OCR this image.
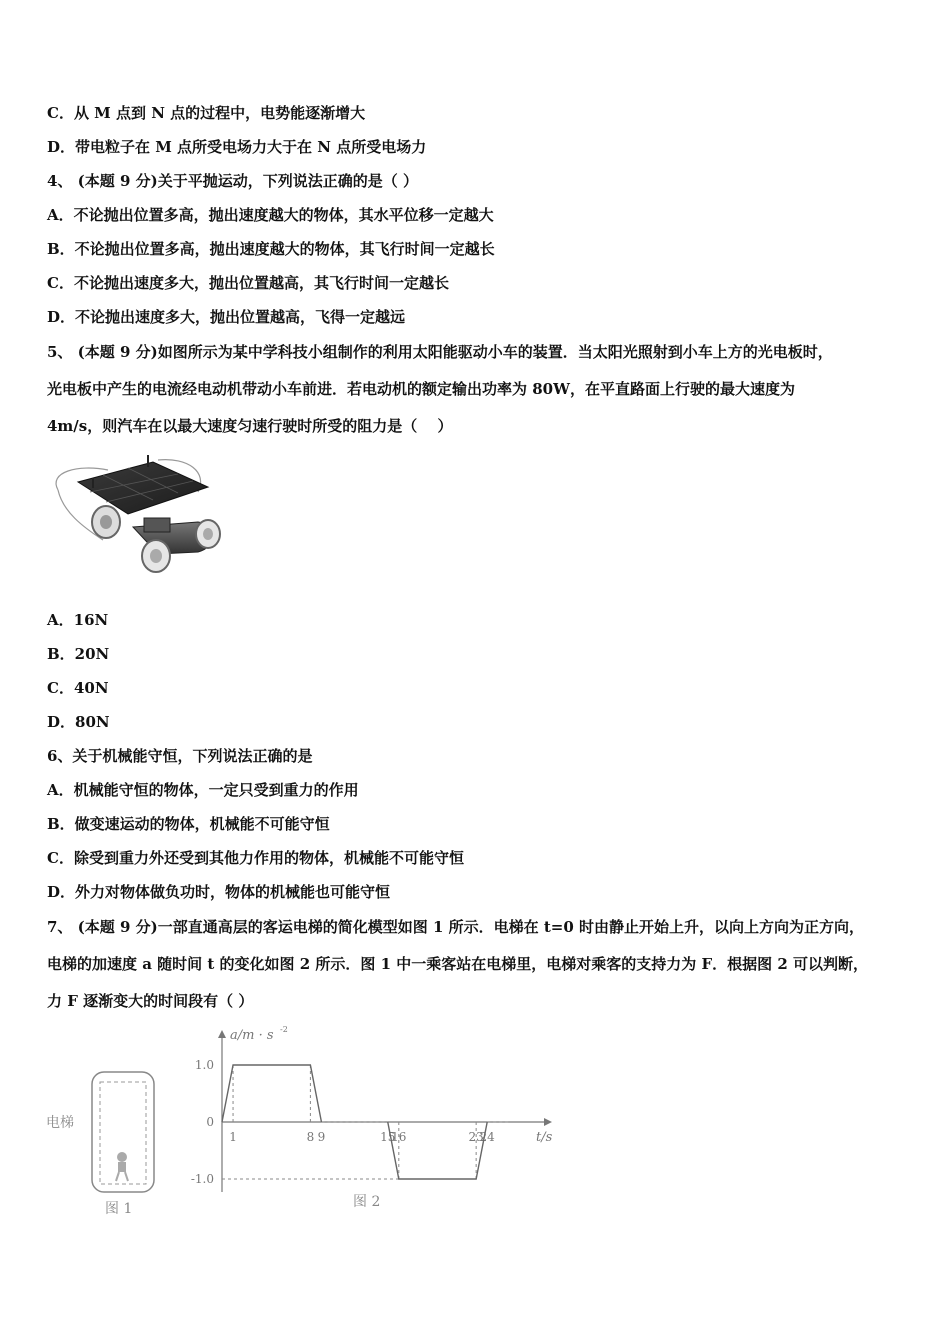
C．从 M 点到 N 点的过程中，电势能逐渐增大
D．带电粒子在 M 点所受电场力大于在 N 点所受电场力
4、 (本题 9 分)关于平抛运动，下列说法正确的是（ ）
A．不论抛出位置多高，抛出速度越大的物体，其水平位移一定越大
B．不论抛出位置多高，抛出速度越大的物体，其飞行时间一定越长
C．不论抛出速度多大，抛出位置越高，其飞行时间一定越长
D．不论抛出速度多大，抛出位置越高，飞得一定越远
5、 (本题 9 分)如图所示为某中学科技小组制作的利用太阳能驱动小车的装置．当太阳光照射到小车上方的光电板时，
光电板中产生的电流经电动机带动小车前进．若电动机的额定输出功率为 80W，在平直路面上行驶的最大速度为
4m/s，则汽车在以最大速度匀速行驶时所受的阻力是（　 ）
A．16N
B．20N
C．40N
D．80N
6、关于机械能守恒，下列说法正确的是
A．机械能守恒的物体，一定只受到重力的作用
B．做变速运动的物体，机械能不可能守恒
C．除受到重力外还受到其他力作用的物体，机械能不可能守恒
D．外力对物体做负功时，物体的机械能也可能守恒
7、 (本题 9 分)一部直通高层的客运电梯的简化模型如图 1 所示．电梯在 t=0 时由静止开始上升，以向上方向为正方向，
电梯的加速度 a 随时间 t 的变化如图 2 所示．图 1 中一乘客站在电梯里，电梯对乘客的支持力为 F．根据图 2 可以判断，
力 F 逐渐变大的时间段有（ ）
电梯
图 1
a/m · s -2
t/s
1.0
0
-1.0
1	8 9	15
16	23
24
图 2
